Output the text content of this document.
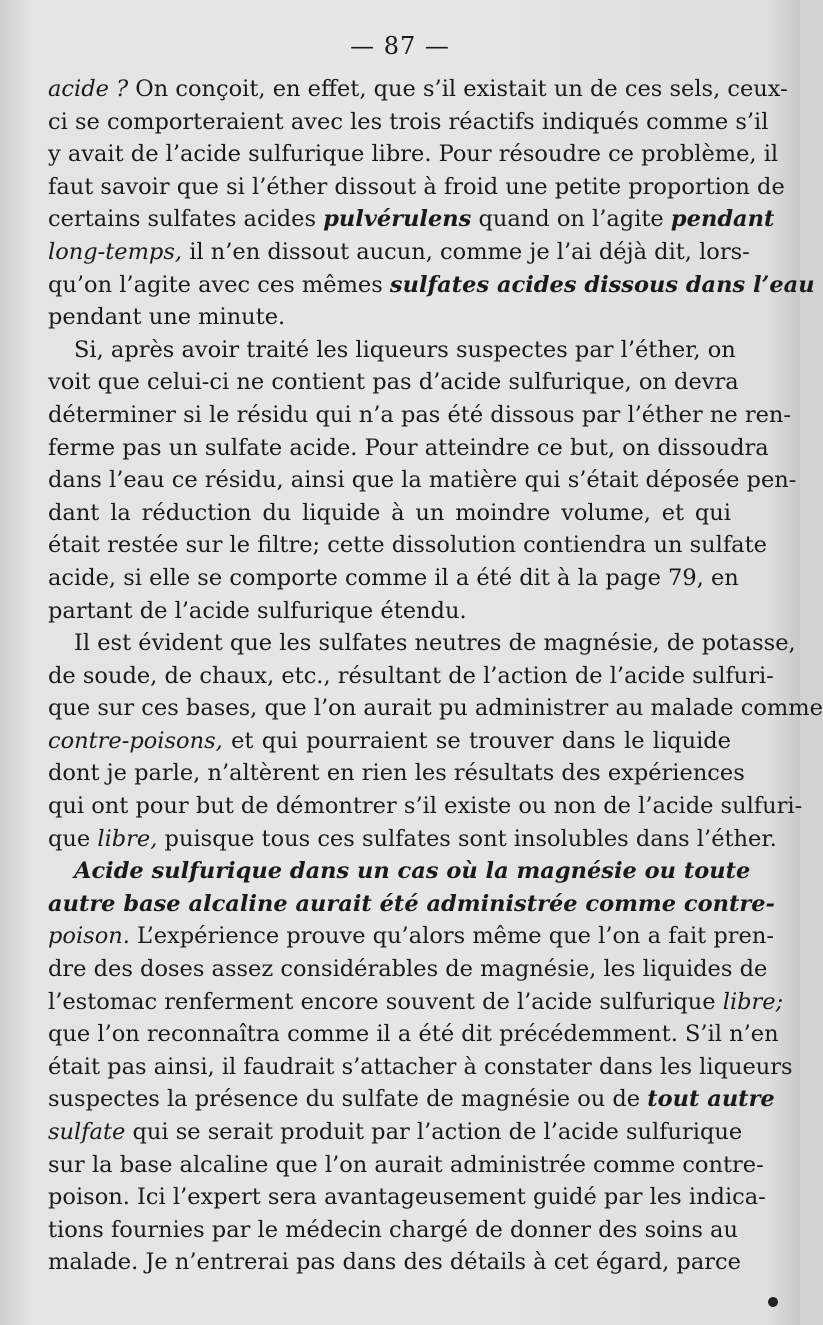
— 87 —
acide ? On conçoit, en effet, que s’il existait un de ces sels, ceux-
ci se comporteraient avec les trois réactifs indiqués comme s’il
y avait de l’acide sulfurique libre. Pour résoudre ce problème, il
faut savoir que si l’éther dissout à froid une petite proportion de
certains sulfates acides pulvérulens quand on l’agite pendant
long-temps, il n’en dissout aucun, comme je l’ai déjà dit, lors-
qu’on l’agite avec ces mêmes sulfates acides dissous dans l’eau
pendant une minute.
Si, après avoir traité les liqueurs suspectes par l’éther, on
voit que celui-ci ne contient pas d’acide sulfurique, on devra
déterminer si le résidu qui n’a pas été dissous par l’éther ne ren-
ferme pas un sulfate acide. Pour atteindre ce but, on dissoudra
dans l’eau ce résidu, ainsi que la matière qui s’était déposée pen-
dant la réduction du liquide à un moindre volume, et qui
était restée sur le filtre; cette dissolution contiendra un sulfate
acide, si elle se comporte comme il a été dit à la page 79, en
partant de l’acide sulfurique étendu.
Il est évident que les sulfates neutres de magnésie, de potasse,
de soude, de chaux, etc., résultant de l’action de l’acide sulfuri-
que sur ces bases, que l’on aurait pu administrer au malade comme
contre-poisons, et qui pourraient se trouver dans le liquide
dont je parle, n’altèrent en rien les résultats des expériences
qui ont pour but de démontrer s’il existe ou non de l’acide sulfuri-
que libre, puisque tous ces sulfates sont insolubles dans l’éther.
Acide sulfurique dans un cas où la magnésie ou toute
autre base alcaline aurait été administrée comme contre-
poison. L’expérience prouve qu’alors même que l’on a fait pren-
dre des doses assez considérables de magnésie, les liquides de
l’estomac renferment encore souvent de l’acide sulfurique libre;
que l’on reconnaîtra comme il a été dit précédemment. S’il n’en
était pas ainsi, il faudrait s’attacher à constater dans les liqueurs
suspectes la présence du sulfate de magnésie ou de tout autre
sulfate qui se serait produit par l’action de l’acide sulfurique
sur la base alcaline que l’on aurait administrée comme contre-
poison. Ici l’expert sera avantageusement guidé par les indica-
tions fournies par le médecin chargé de donner des soins au
malade. Je n’entrerai pas dans des détails à cet égard, parce
